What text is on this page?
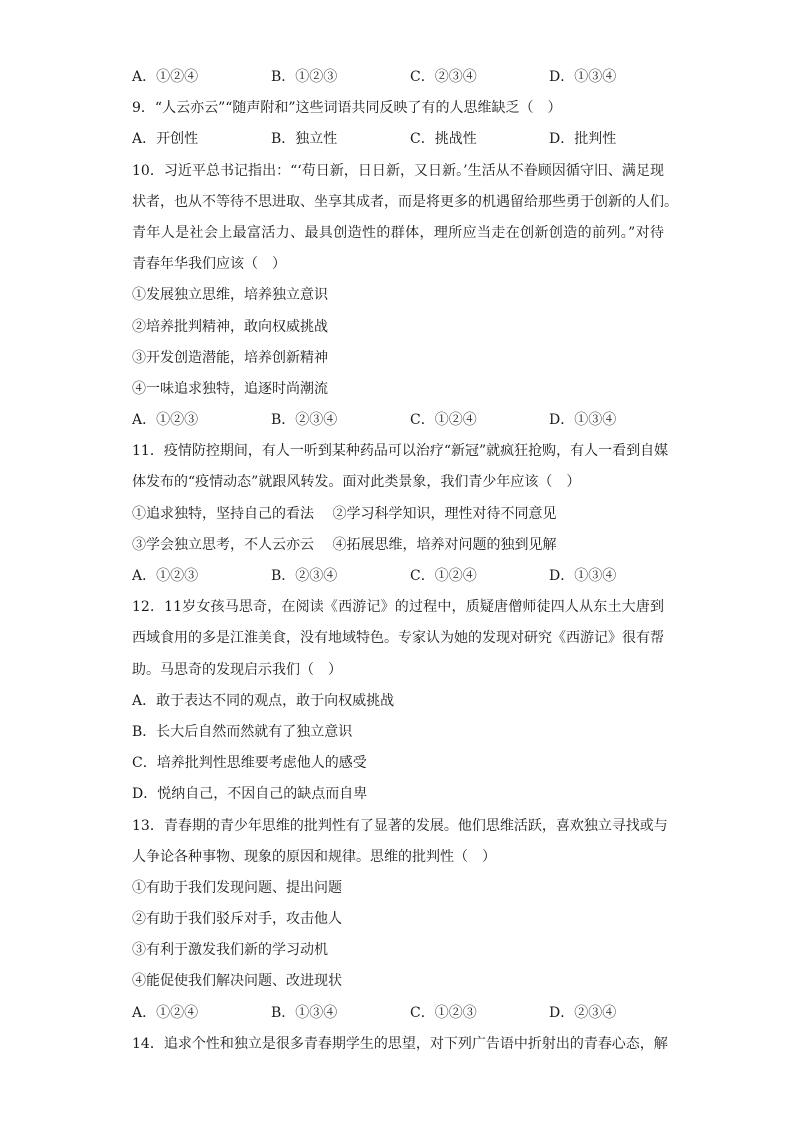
A．①②④	B．①②③	C．②③④	D．①③④
9．“人云亦云”“随声附和”这些词语共同反映了有的人思维缺乏（　）
A．开创性	B．独立性	C．挑战性	D．批判性
10．习近平总书记指出：“‘苟日新，日日新，又日新。’生活从不眷顾因循守旧、满足现
状者，也从不等待不思进取、坐享其成者，而是将更多的机遇留给那些勇于创新的人们。
青年人是社会上最富活力、最具创造性的群体，理所应当走在创新创造的前列。”对待
青春年华我们应该（　）
①发展独立思维，培养独立意识
②培养批判精神，敢向权威挑战
③开发创造潜能，培养创新精神
④一味追求独特，追逐时尚潮流
A．①②③	B．②③④	C．①②④	D．①③④
11．疫情防控期间，有人一听到某种药品可以治疗“新冠”就疯狂抢购，有人一看到自媒
体发布的“疫情动态”就跟风转发。面对此类景象，我们青少年应该（　）
①追求独特，坚持自己的看法　 ②学习科学知识，理性对待不同意见
③学会独立思考，不人云亦云　 ④拓展思维，培养对问题的独到见解
A．①②③	B．②③④	C．①②④	D．①③④
12．11岁女孩马思奇，在阅读《西游记》的过程中，质疑唐僧师徒四人从东土大唐到
西域食用的多是江淮美食，没有地域特色。专家认为她的发现对研究《西游记》很有帮
助。马思奇的发现启示我们（　）
A．敢于表达不同的观点，敢于向权威挑战
B．长大后自然而然就有了独立意识
C．培养批判性思维要考虑他人的感受
D．悦纳自己，不因自己的缺点而自卑
13．青春期的青少年思维的批判性有了显著的发展。他们思维活跃，喜欢独立寻找或与
人争论各种事物、现象的原因和规律。思维的批判性（　）
①有助于我们发现问题、提出问题
②有助于我们驳斥对手，攻击他人
③有利于激发我们新的学习动机
④能促使我们解决问题、改进现状
A．①②④	B．①③④	C．①②③	D．②③④
14．追求个性和独立是很多青春期学生的思望，对下列广告语中折射出的青春心态，解
